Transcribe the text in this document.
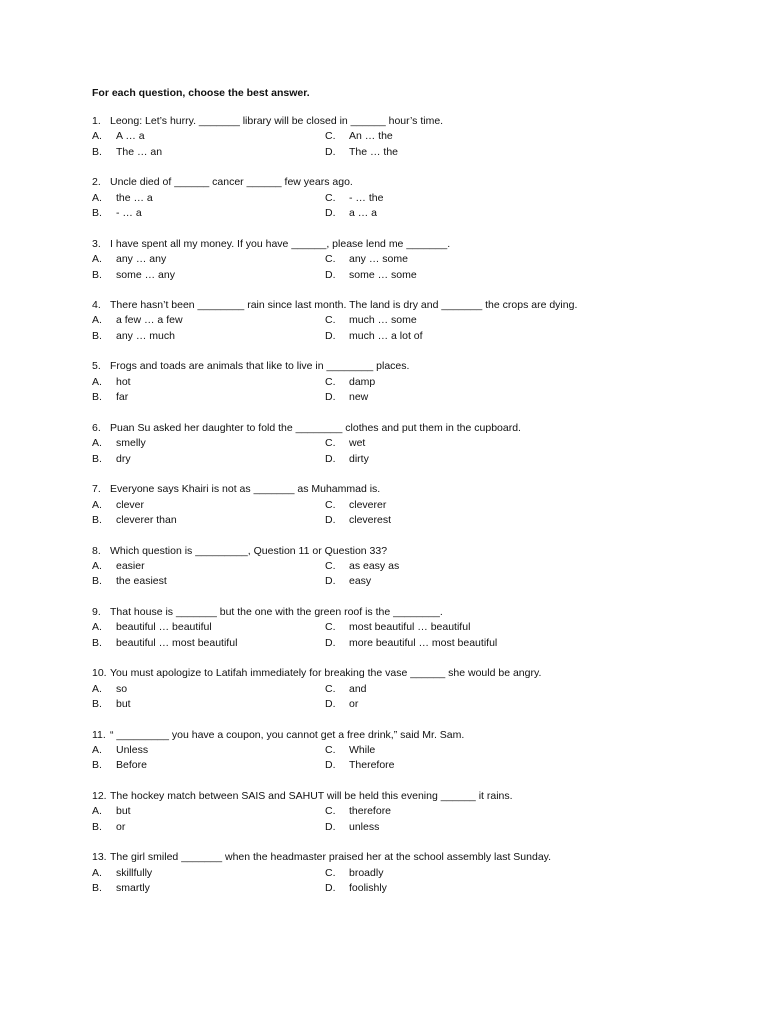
For each question, choose the best answer.
1. Leong: Let’s hurry. _______ library will be closed in ______ hour’s time.
A.	A … a	C.	An … the
B.	The … an	D.	The … the
2. Uncle died of ______ cancer ______ few years ago.
A.	the … a	C.	- … the
B.	- … a	D.	a … a
3. I have spent all my money. If you have ______, please lend me _______.
A.	any … any	C.	any … some
B.	some … any	D.	some … some
4. There hasn’t been ________ rain since last month. The land is dry and _______ the crops are dying.
A.	a few … a few	C.	much … some
B.	any … much	D.	much … a lot of
5. Frogs and toads are animals that like to live in ________ places.
A.	hot	C.	damp
B.	far	D.	new
6. Puan Su asked her daughter to fold the ________ clothes and put them in the cupboard.
A.	smelly	C.	wet
B.	dry	D.	dirty
7. Everyone says Khairi is not as _______ as Muhammad is.
A.	clever	C.	cleverer
B.	cleverer than	D.	cleverest
8. Which question is _________, Question 11 or Question 33?
A.	easier	C.	as easy as
B.	the easiest	D.	easy
9. That house is _______ but the one with the green roof is the ________.
A.	beautiful … beautiful	C.	most beautiful … beautiful
B.	beautiful … most beautiful	D.	more beautiful … most beautiful
10. You must apologize to Latifah immediately for breaking the vase ______ she would be angry.
A.	so	C.	and
B.	but	D.	or
11. “ _________ you have a coupon, you cannot get a free drink,” said Mr. Sam.
A.	Unless	C.	While
B.	Before	D.	Therefore
12. The hockey match between SAIS and SAHUT will be held this evening ______ it rains.
A.	but	C.	therefore
B.	or	D.	unless
13. The girl smiled _______ when the headmaster praised her at the school assembly last Sunday.
A.	skillfully	C.	broadly
B.	smartly	D.	foolishly
